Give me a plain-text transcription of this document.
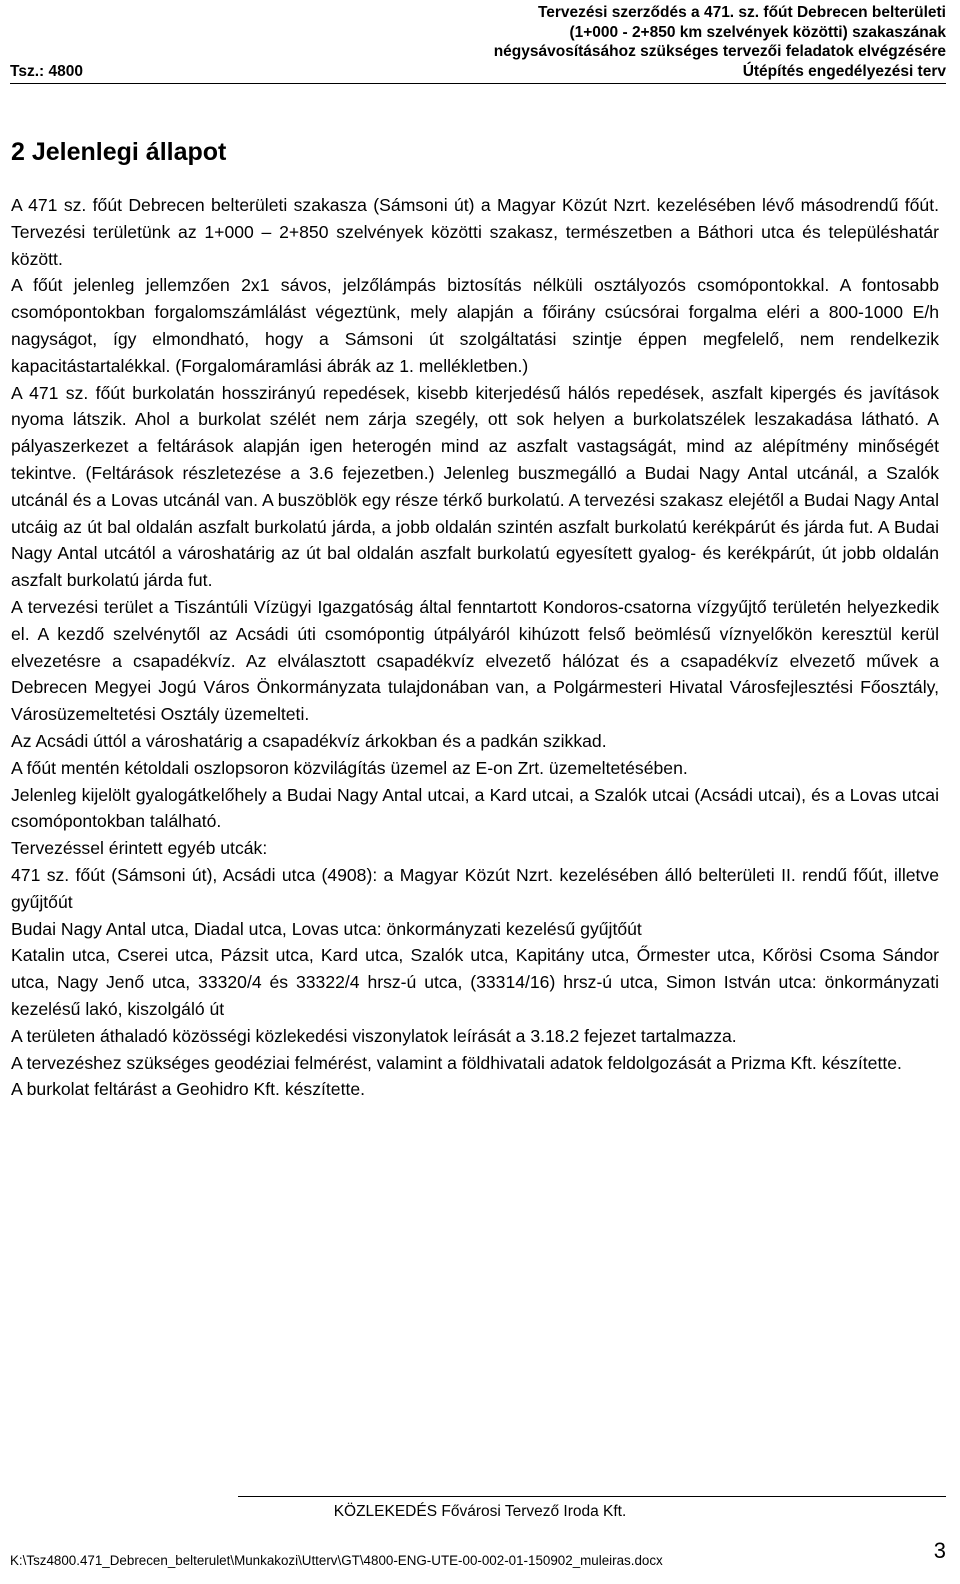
Tervezési szerződés a 471. sz. főút Debrecen belterületi
(1+000 - 2+850 km szelvények közötti) szakaszának
négysávosításához szükséges tervezői feladatok elvégzésére
Útépítés engedélyezési terv
Tsz.: 4800
2 Jelenlegi állapot

A 471 sz. főút Debrecen belterületi szakasza (Sámsoni út) a Magyar Közút Nzrt. kezelésében lévő másodrendű főút. Tervezési területünk az 1+000 – 2+850 szelvények közötti szakasz, természetben a Báthori utca és településhatár között.

A főút jelenleg jellemzően 2x1 sávos, jelzőlámpás biztosítás nélküli osztályozós csomópontokkal. A fontosabb csomópontokban forgalomszámlálást végeztünk, mely alapján a főirány csúcsórai forgalma eléri a 800-1000 E/h nagyságot, így elmondható, hogy a Sámsoni út szolgáltatási szintje éppen megfelelő, nem rendelkezik kapacitástartalékkal. (Forgalomáramlási ábrák az 1. mellékletben.)

A 471 sz. főút burkolatán hosszirányú repedések, kisebb kiterjedésű hálós repedések, aszfalt kipergés és javítások nyoma látszik. Ahol a burkolat szélét nem zárja szegély, ott sok helyen a burkolatszélek leszakadása látható. A pályaszerkezet a feltárások alapján igen heterogén mind az aszfalt vastagságát, mind az alépítmény minőségét tekintve. (Feltárások részletezése a 3.6 fejezetben.) Jelenleg buszmegálló a Budai Nagy Antal utcánál, a Szalók utcánál és a Lovas utcánál van. A buszöblök egy része térkő burkolatú. A tervezési szakasz elejétől a Budai Nagy Antal utcáig az út bal oldalán aszfalt burkolatú járda, a jobb oldalán szintén aszfalt burkolatú kerékpárút és járda fut. A Budai Nagy Antal utcától a városhatárig az út bal oldalán aszfalt burkolatú egyesített gyalog- és kerékpárút, út jobb oldalán aszfalt burkolatú járda fut.

A tervezési terület a Tiszántúli Vízügyi Igazgatóság által fenntartott Kondoros-csatorna vízgyűjtő területén helyezkedik el. A kezdő szelvénytől az Acsádi úti csomópontig útpályáról kihúzott felső beömlésű víznyelőkön keresztül kerül elvezetésre a csapadékvíz. Az elválasztott csapadékvíz elvezető hálózat és a csapadékvíz elvezető művek a Debrecen Megyei Jogú Város Önkormányzata tulajdonában van, a Polgármesteri Hivatal Városfejlesztési Főosztály, Városüzemeltetési Osztály üzemelteti.

Az Acsádi úttól a városhatárig a csapadékvíz árkokban és a padkán szikkad.

A főút mentén kétoldali oszlopsoron közvilágítás üzemel az E-on Zrt. üzemeltetésében.

Jelenleg kijelölt gyalogátkelőhely a Budai Nagy Antal utcai, a Kard utcai, a Szalók utcai (Acsádi utcai), és a Lovas utcai csomópontokban található.

Tervezéssel érintett egyéb utcák:

471 sz. főút (Sámsoni út), Acsádi utca (4908): a Magyar Közút Nzrt. kezelésében álló belterületi II. rendű főút, illetve gyűjtőút

Budai Nagy Antal utca, Diadal utca, Lovas utca: önkormányzati kezelésű gyűjtőút

Katalin utca, Cserei utca, Pázsit utca, Kard utca, Szalók utca, Kapitány utca, Őrmester utca, Kőrösi Csoma Sándor utca, Nagy Jenő utca, 33320/4 és 33322/4 hrsz-ú utca, (33314/16) hrsz-ú utca, Simon István utca: önkormányzati kezelésű lakó, kiszolgáló út

A területen áthaladó közösségi közlekedési viszonylatok leírását a 3.18.2 fejezet tartalmazza.

A tervezéshez szükséges geodéziai felmérést, valamint a földhivatali adatok feldolgozását a Prizma Kft. készítette.

A burkolat feltárást a Geohidro Kft. készítette.

KÖZLEKEDÉS Fővárosi Tervező Iroda Kft.
K:\Tsz4800.471_Debrecen_belterulet\Munkakozi\Utterv\GT\4800-ENG-UTE-00-002-01-150902_muleiras.docx	3
